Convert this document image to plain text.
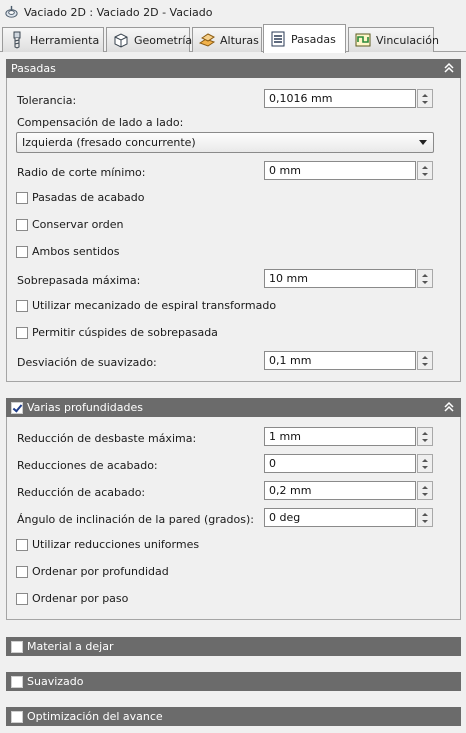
Vaciado 2D : Vaciado 2D - Vaciado
Herramienta	Geometría	Alturas	Pasadas	Vinculación
Pasadas
Tolerancia:	0,1016 mm
Compensación de lado a lado:
Izquierda (fresado concurrente)
Radio de corte mínimo:	0 mm
Pasadas de acabado
Conservar orden
Ambos sentidos
Sobrepasada máxima:	10 mm
Utilizar mecanizado de espiral transformado
Permitir cúspides de sobrepasada
Desviación de suavizado:	0,1 mm
Varias profundidades
Reducción de desbaste máxima:	1 mm
Reducciones de acabado:	0
Reducción de acabado:	0,2 mm
Ángulo de inclinación de la pared (grados):	0 deg
Utilizar reducciones uniformes
Ordenar por profundidad
Ordenar por paso
Material a dejar
Suavizado
Optimización del avance
